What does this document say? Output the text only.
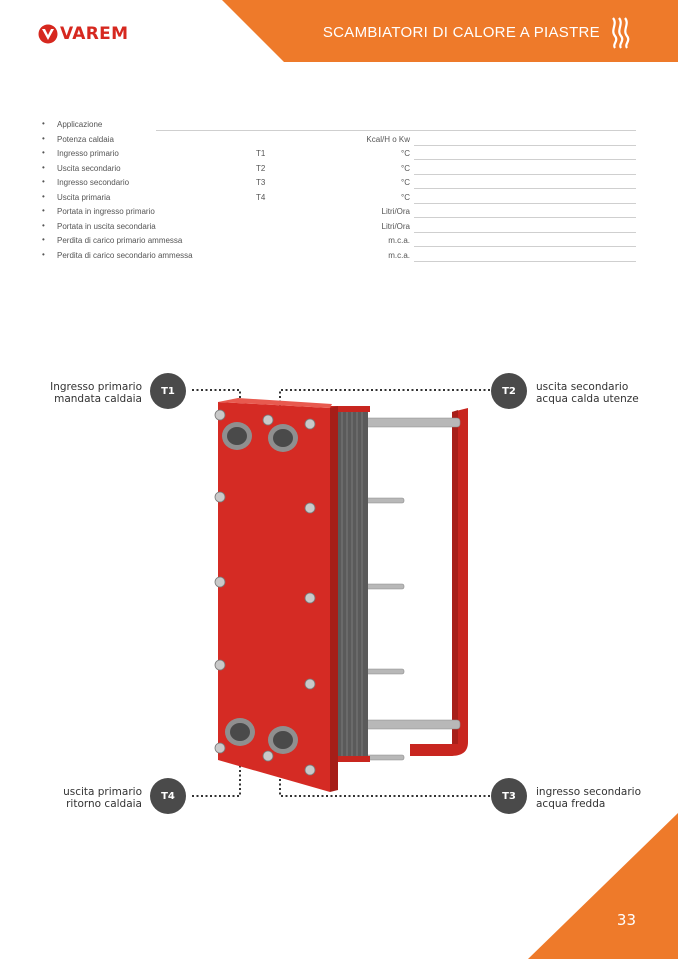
SCAMBIATORI DI CALORE A PIASTRE
VAREM
• Applicazione
• Potenza caldaia	Kcal/H o Kw
• Ingresso primario	T1	°C
• Uscita secondario	T2	°C
• Ingresso secondario	T3	°C
• Uscita primaria	T4	°C
• Portata in ingresso primario	Litri/Ora
• Portata in uscita secondaria	Litri/Ora
• Perdita di carico primario ammessa	m.c.a.
• Perdita di carico secondario ammessa	m.c.a.
Ingresso primario
mandata caldaia
T1	T2	uscita secondario
acqua calda utenze
uscita primario
ritorno caldaia
T4	T3	ingresso secondario
acqua fredda
33
